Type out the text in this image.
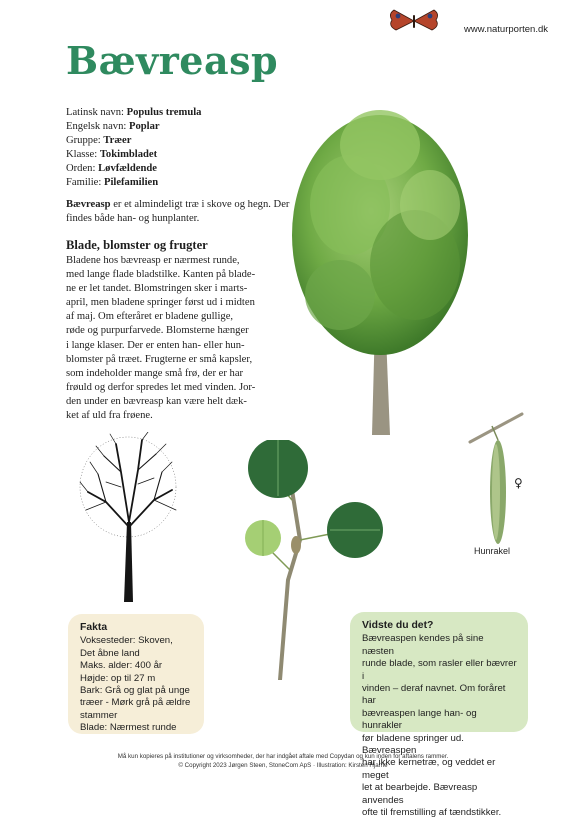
www.naturporten.dk
Bævreasp
Latinsk navn: Populus tremula
Engelsk navn: Poplar
Gruppe: Træer
Klasse: Tokimbladet
Orden: Løvfældende
Familie: Pilefamilien
Bævreasp er et almindeligt træ i skove og hegn. Der findes både han- og hunplanter.
Blade, blomster og frugter
Bladene hos bævreasp er nærmest runde,
med lange flade bladstilke. Kanten på blade-
ne er let tandet. Blomstringen sker i marts-
april, men bladene springer først ud i midten
af maj. Om efteråret er bladene gullige,
røde og purpurfarvede. Blomsterne hænger
i lange klaser. Der er enten han- eller hun-
blomster på træet. Frugterne er små kapsler,
som indeholder mange små frø, der er har
frøuld og derfor spredes let med vinden. Jor-
den under en bævreasp kan være helt dæk-
ket af uld fra frøene.
♀
Hunrakel
Fakta
Voksesteder: Skoven,
Det åbne land
Maks. alder: 400 år
Højde: op til 27 m
Bark: Grå og glat på unge
træer - Mørk grå på ældre
stammer
Blade: Nærmest runde
Vidste du det?
Bævreaspen kendes på sine næsten
runde blade, som rasler eller bævrer i
vinden – deraf navnet. Om foråret har
bævreaspen lange han- og hunrakler
før bladene springer ud. Bævreaspen
har ikke kernetræ, og veddet er meget
let at bearbejde. Bævreasp anvendes
ofte til fremstilling af tændstikker.
Må kun kopieres på institutioner og virksomheder, der har indgået aftale med Copydan og kun inden for aftalens rammer.
© Copyright 2023 Jørgen Steen, StoneCom ApS · Illustration: Kirsten Hjarne
